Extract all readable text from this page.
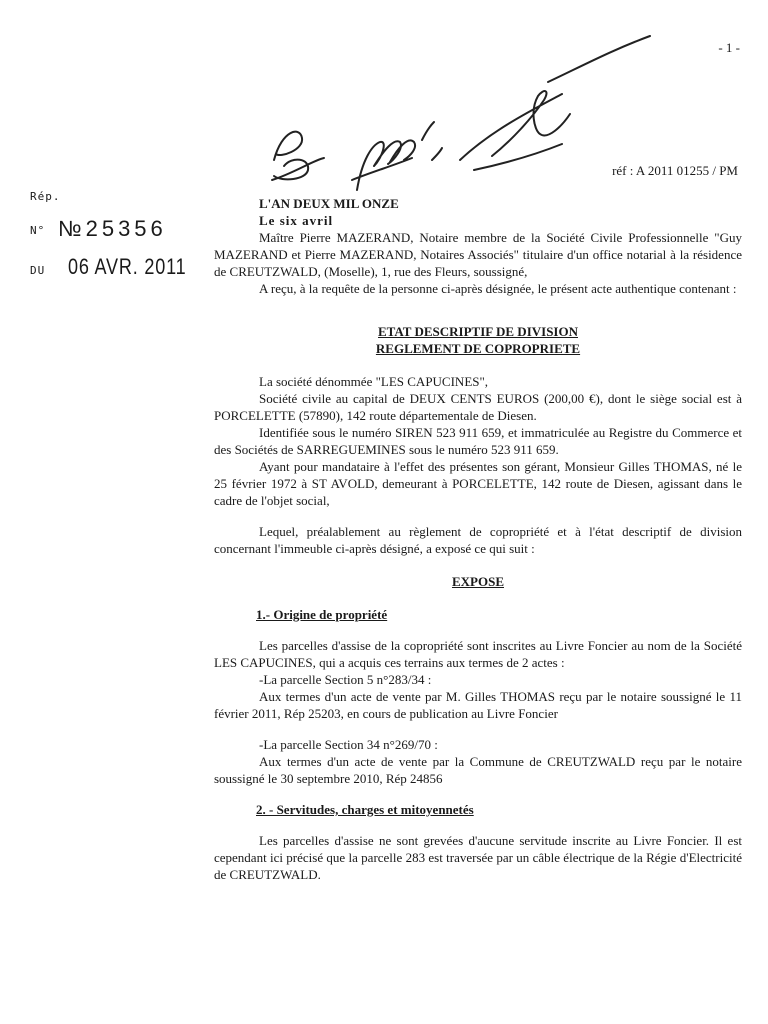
- 1 -
réf : A 2011 01255 / PM
Rép.
N° №25356
DU 06 AVR. 2011

L'AN DEUX MIL ONZE

Le six avril

Maître Pierre MAZERAND, Notaire membre de la Société Civile Professionnelle "Guy MAZERAND et Pierre MAZERAND, Notaires Associés" titulaire d'un office notarial à la résidence de CREUTZWALD, (Moselle), 1, rue des Fleurs, soussigné,

A reçu, à la requête de la personne ci-après désignée, le présent acte authentique contenant :

ETAT DESCRIPTIF DE DIVISION
REGLEMENT DE COPROPRIETE

La société dénommée "LES CAPUCINES",

Société civile au capital de DEUX CENTS EUROS (200,00 €), dont le siège social est à PORCELETTE (57890), 142 route départementale de Diesen.

Identifiée sous le numéro SIREN 523 911 659, et immatriculée au Registre du Commerce et des Sociétés de SARREGUEMINES sous le numéro 523 911 659.

Ayant pour mandataire à l'effet des présentes son gérant, Monsieur Gilles THOMAS, né le 25 février 1972 à ST AVOLD, demeurant à PORCELETTE, 142 route de Diesen, agissant dans le cadre de l'objet social,

Lequel, préalablement au règlement de copropriété et à l'état descriptif de division concernant l'immeuble ci-après désigné, a exposé ce qui suit :

EXPOSE
1.- Origine de propriété

Les parcelles d'assise de la copropriété sont inscrites au Livre Foncier au nom de la Société LES CAPUCINES, qui a acquis ces terrains aux termes de 2 actes :

-La parcelle Section 5 n°283/34 :

Aux termes d'un acte de vente par M. Gilles THOMAS reçu par le notaire soussigné le 11 février 2011, Rép 25203, en cours de publication au Livre Foncier

-La parcelle Section 34 n°269/70 :

Aux termes d'un acte de vente par la Commune de CREUTZWALD reçu par le notaire soussigné le 30 septembre 2010, Rép 24856

2. - Servitudes, charges et mitoyennetés

Les parcelles d'assise ne sont grevées d'aucune servitude inscrite au Livre Foncier. Il est cependant ici précisé que la parcelle 283 est traversée par un câble électrique de la Régie d'Electricité de CREUTZWALD.
